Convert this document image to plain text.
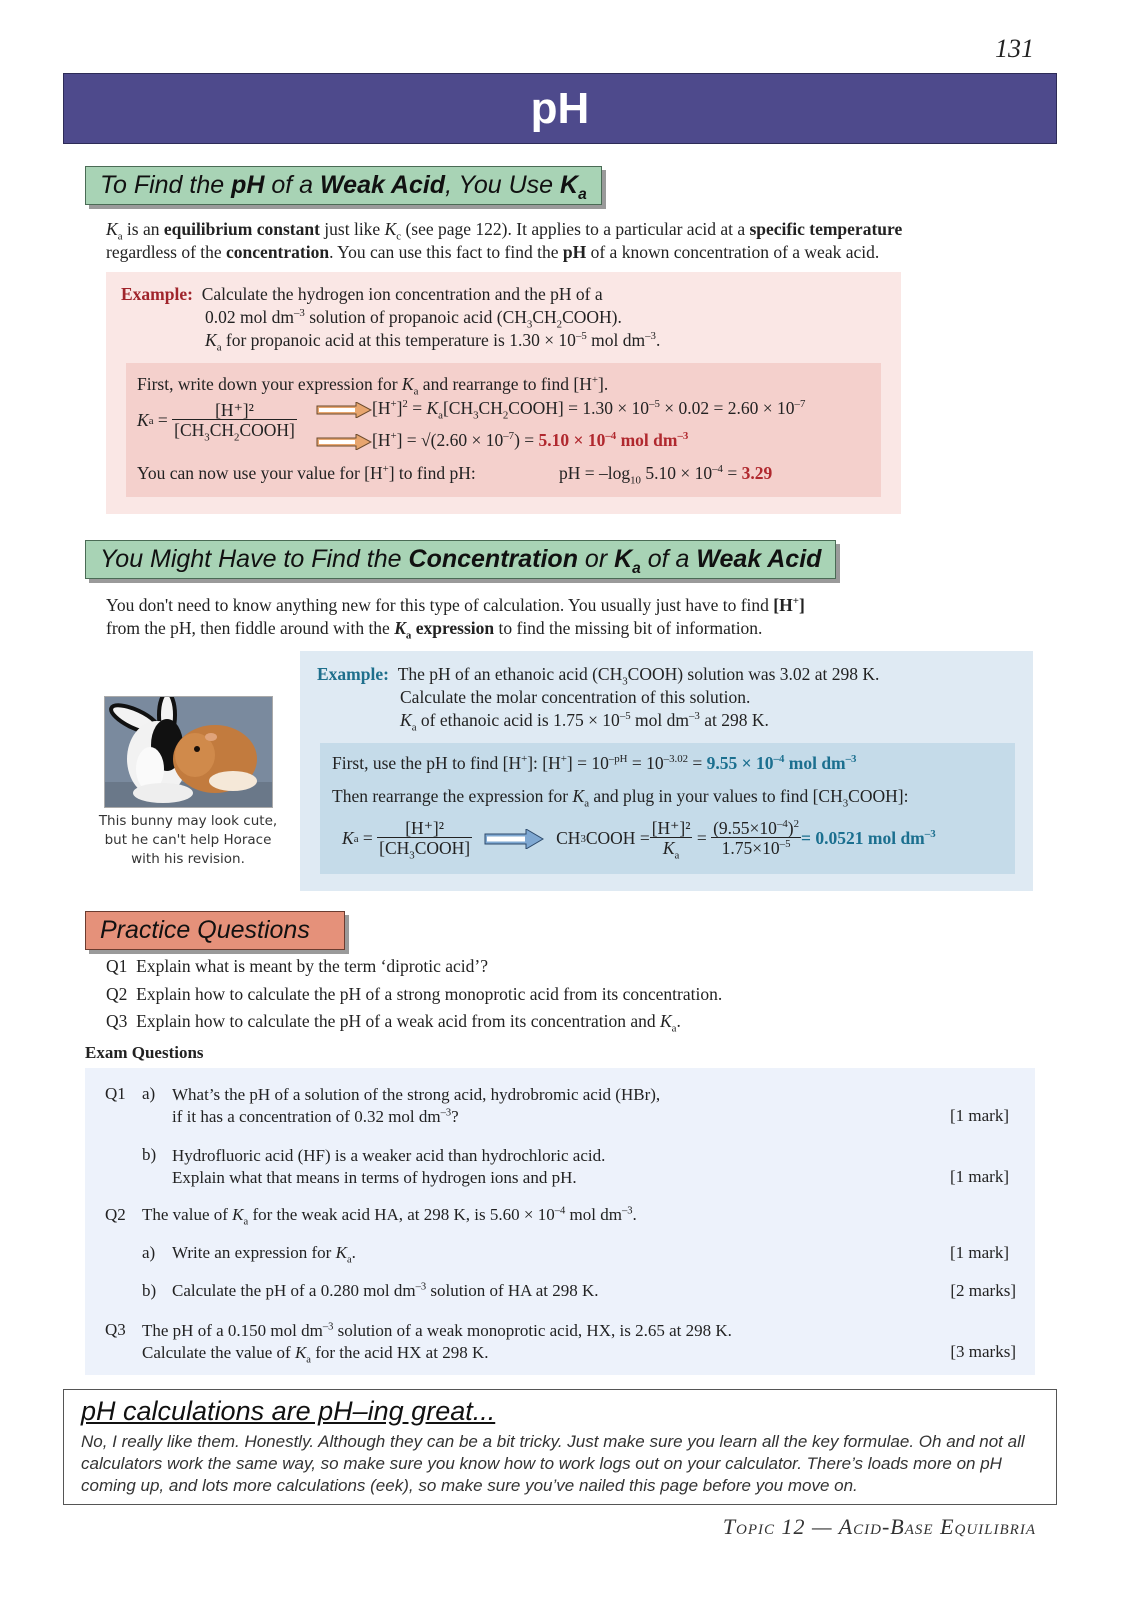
131
pH
To Find the pH of a Weak Acid, You Use $K_a$
$K_a$ is an equilibrium constant just like $K_c$ (see page 122). It applies to a particular acid at a specific temperature
regardless of the concentration. You can use this fact to find the pH of a known concentration of a weak acid.
Example: Calculate the hydrogen ion concentration and the pH of a
0.02 mol $dm^{-3}$ solution of propanoic acid $(CH_3CH_2COOH)$.
$K_a$ for propanoic acid at this temperature is $1.30 \times 10^{-5}$ mol $dm^{-3}$.
First, write down your expression for $K_a$ and rearrange to find [H+].
K $a = \frac{\text{[H⁺]²}}{[CH_3CH_2COOH]}$	$[H^+]^2$ = $K_a[CH_3CH_2COOH] = 1.30 \times 10^{-5} \times 0.02 = 2.60 \times 10^{-7}$
$[H^+] = √(2.60 \times 10^{-7}) = 5.10 \times 10^{-4}$ mol $dm^{-3}$
You can now use your value for [H+] to find pH:	pH = $-\log_{10}$ $5.10 \times 10^{-4} = 3.29$
You Might Have to Find the Concentration or $K_a$ of a Weak Acid
You don't need to know anything new for this type of calculation. You usually just have to find [H+]
from the pH, then fiddle around with the $K_a$ expression to find the missing bit of information.
This bunny may look cute,
but he can't help Horace
with his revision.
Example: The pH of an ethanoic acid $(CH_3COOH)$ solution was 3.02 at 298 K.
Calculate the molar concentration of this solution.
$K_a$ of ethanoic acid is $1.75 \times 10^{-5}$ mol $dm^{-3}$ at 298 K.
First, use the pH to find [H+]: $[H^+] = 10^{-pH} = 10^{-3.02} = 9.55 \times 10^{-4}$ mol $dm^{-3}$
Then rearrange the expression for $K_a$ and plug in your values to find $[CH_3COOH]$:
K $a = \frac{\text{[H⁺]²}}{[CH_3COOH]}$	CH 3 COOH = $\frac{\text{[H⁺]²}}{K_a} = \frac{(9.55\times 10^{-4})^2}{1.75\times 10^{-5}} = 0.0521$ mol $dm^{-3}$
Practice Questions
Q1 Explain what is meant by the term ‘diprotic acid’?
Q2 Explain how to calculate the pH of a strong monoprotic acid from its concentration.
Q3 Explain how to calculate the pH of a weak acid from its concentration and $K_a$.
Exam Questions
Q1 a) What’s the pH of a solution of the strong acid, hydrobromic acid (HBr),
if it has a concentration of 0.32 mol $dm^{-3}$?	[1 mark]
b) Hydrofluoric acid (HF) is a weaker acid than hydrochloric acid.
Explain what that means in terms of hydrogen ions and pH.	[1 mark]
Q2 The value of $K_a$ for the weak acid HA, at 298 K, is $5.60 \times 10^{-4}$ mol $dm^{-3}$.
a) Write an expression for $K_a$.	[1 mark]
b) Calculate the pH of a 0.280 mol $dm^{-3}$ solution of HA at 298 K.	[2 marks]
Q3 The pH of a 0.150 mol $dm^{-3}$ solution of a weak monoprotic acid, HX, is 2.65 at 298 K.
Calculate the value of $K_a$ for the acid HX at 298 K.	[3 marks]
pH calculations are pH–ing great...
No, I really like them. Honestly. Although they can be a bit tricky. Just make sure you learn all the key formulae. Oh and not all calculators work the same way, so make sure you know how to work logs out on your calculator. There’s loads more on pH coming up, and lots more calculations (eek), so make sure you’ve nailed this page before you move on.
Topic 12 — Acid-Base Equilibria
